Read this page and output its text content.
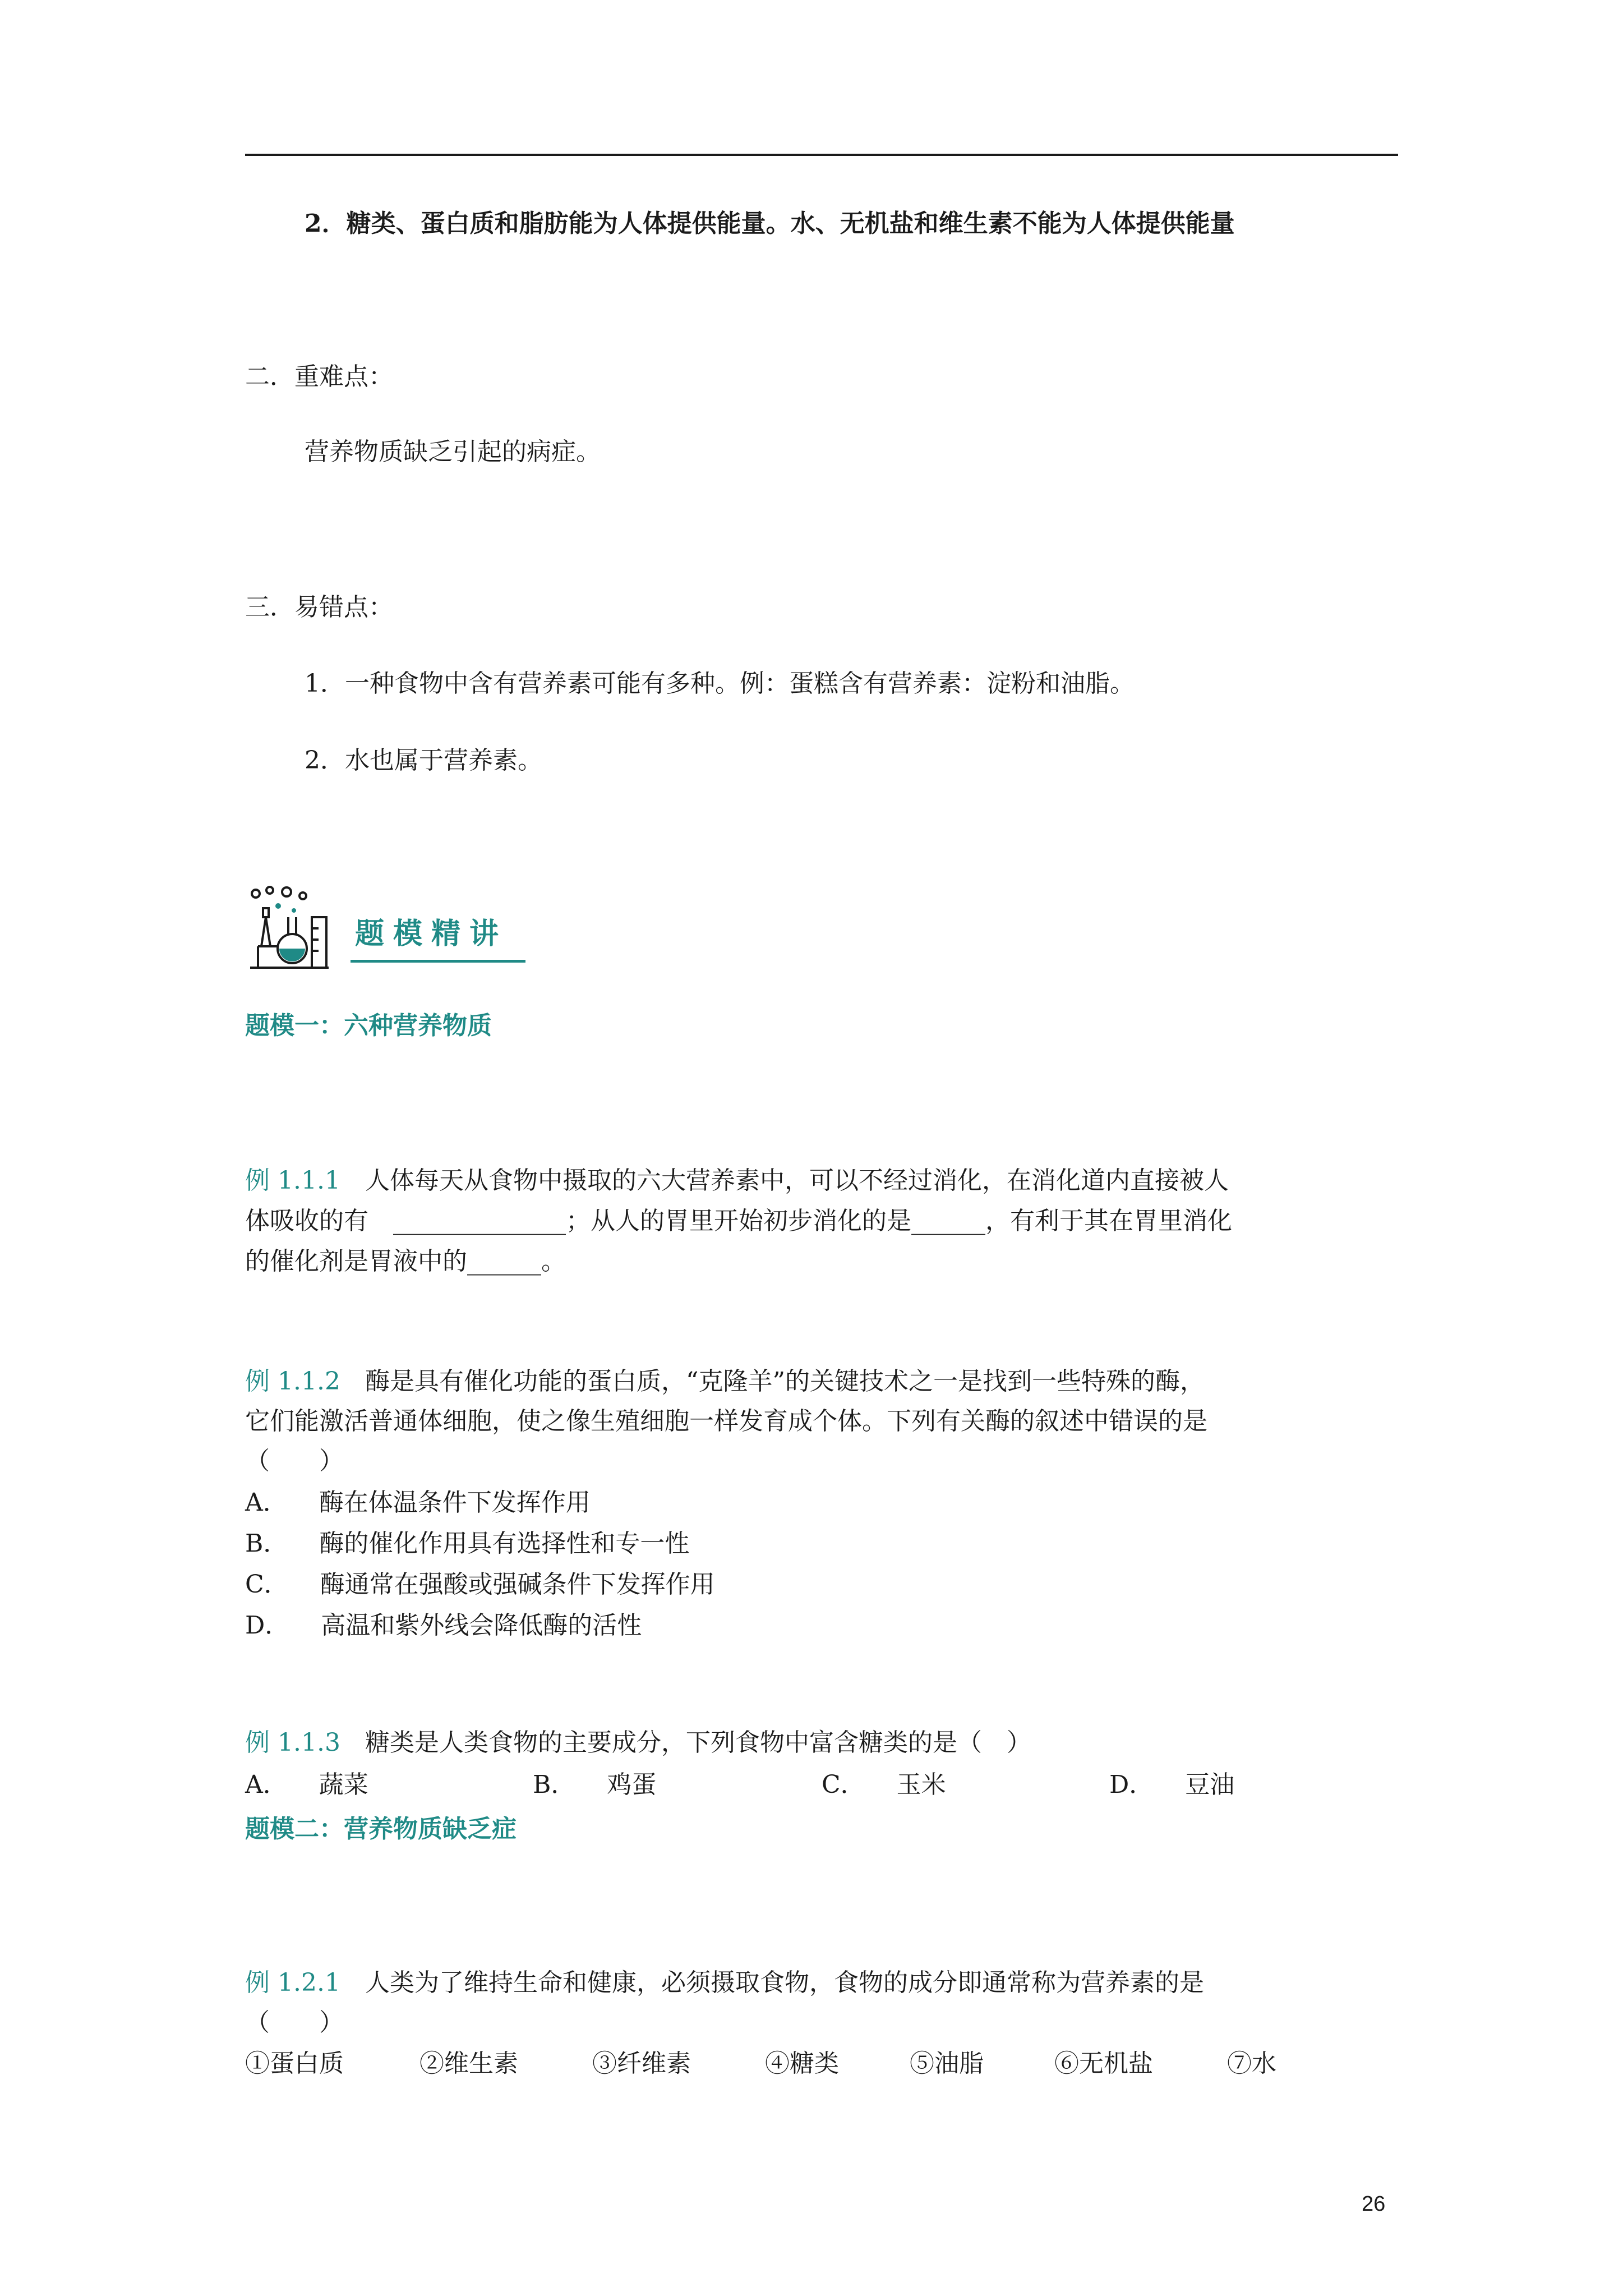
2．糖类、蛋白质和脂肪能为人体提供能量。水、无机盐和维生素不能为人体提供能量
二．重难点：
营养物质缺乏引起的病症。
三．易错点：
1．一种食物中含有营养素可能有多种。例：蛋糕含有营养素：淀粉和油脂。
2．水也属于营养素。
题模精讲
题模一：六种营养物质
例 1.1.1　 人体每天从食物中摄取的六大营养素中，可以不经过消化，在消化道内直接被人
体吸收的有　______________；从人的胃里开始初步消化的是______，有利于其在胃里消化
的催化剂是胃液中的______。
例 1.1.2　 酶是具有催化功能的蛋白质，“克隆羊”的关键技术之一是找到一些特殊的酶，
它们能激活普通体细胞，使之像生殖细胞一样发育成个体。下列有关酶的叙述中错误的是
（　　）
A． 酶在体温条件下发挥作用
B． 酶的催化作用具有选择性和专一性
C． 酶通常在强酸或强碱条件下发挥作用
D． 高温和紫外线会降低酶的活性
例 1.1.3　 糖类是人类食物的主要成分，下列食物中富含糖类的是（　）
A． 蔬菜	B． 鸡蛋	C． 玉米	D． 豆油
题模二：营养物质缺乏症
例 1.2.1　 人类为了维持生命和健康，必须摄取食物，食物的成分即通常称为营养素的是
（　　）
①蛋白质	②维生素	③纤维素	④糖类	⑤油脂	⑥无机盐	⑦水
26
